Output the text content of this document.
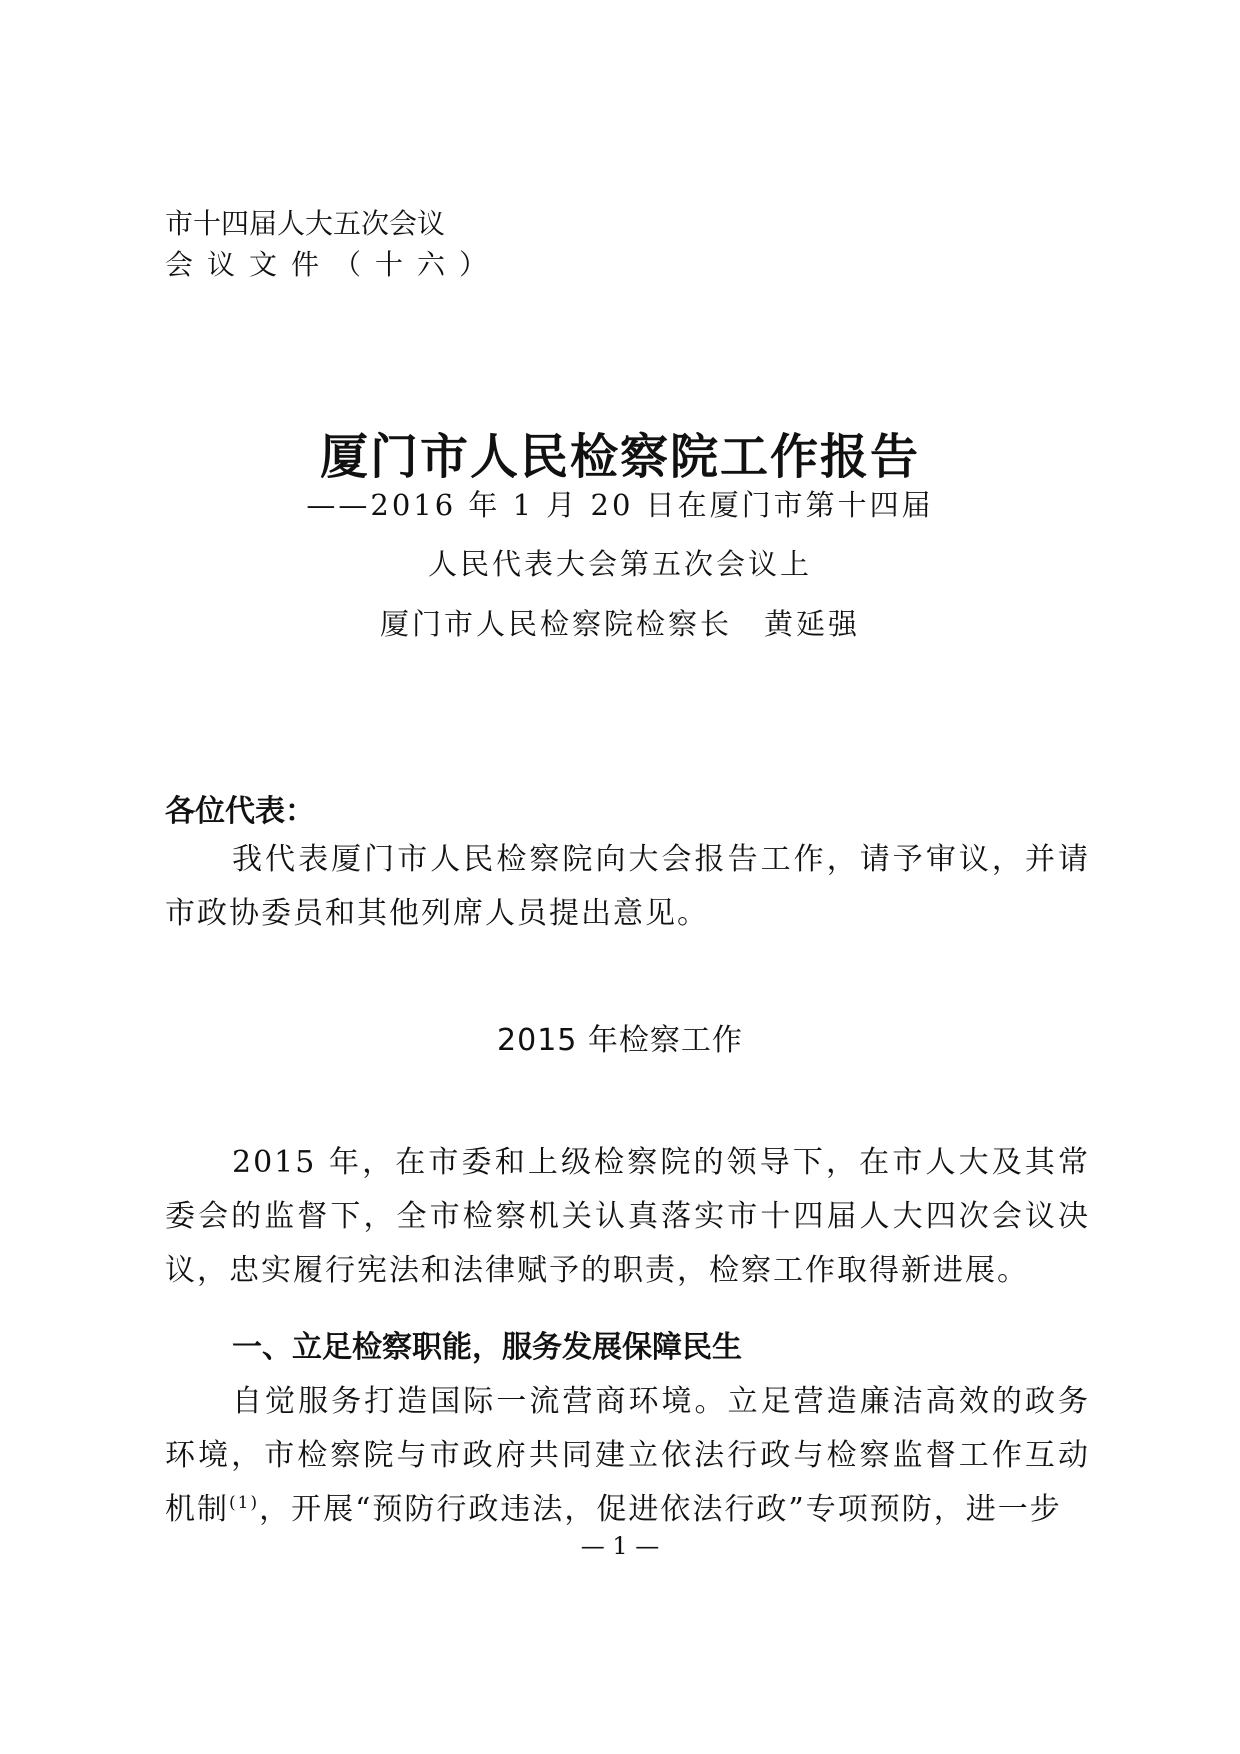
市十四届人大五次会议
会议文件（十六）
厦门市人民检察院工作报告
——2016 年 1 月 20 日在厦门市第十四届
人民代表大会第五次会议上
厦门市人民检察院检察长　黄延强
各位代表：
我代表厦门市人民检察院向大会报告工作，请予审议，并请市政协委员和其他列席人员提出意见。
2015 年检察工作
2015 年，在市委和上级检察院的领导下，在市人大及其常委会的监督下，全市检察机关认真落实市十四届人大四次会议决议，忠实履行宪法和法律赋予的职责，检察工作取得新进展。
一、立足检察职能，服务发展保障民生
自觉服务打造国际一流营商环境。立足营造廉洁高效的政务环境，市检察院与市政府共同建立依法行政与检察监督工作互动机制$^{(1)}$，开展“预防行政违法，促进依法行政”专项预防，进一步
— 1 —
